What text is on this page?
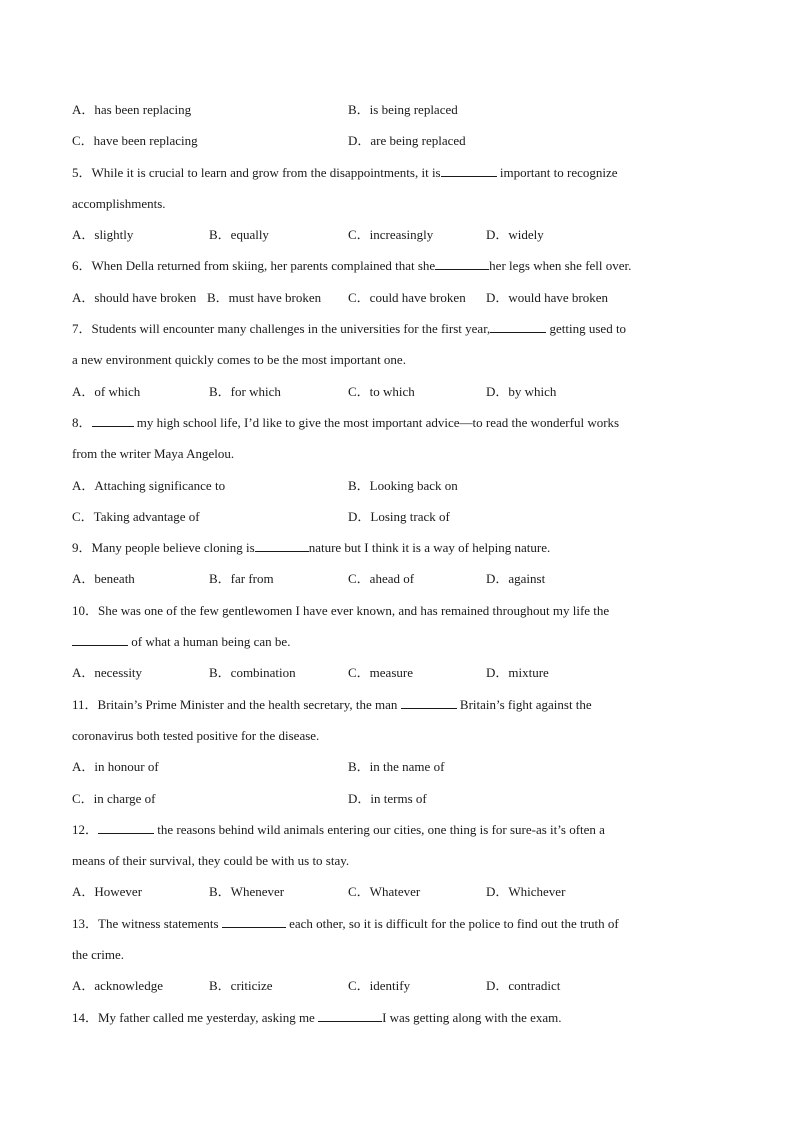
A．has been replacing	B．is being replaced
C．have been replacing	D．are being replaced
5．While it is crucial to learn and grow from the disappointments, it is	important to recognize
accomplishments.
A．slightly	B．equally	C．increasingly	D．widely
6．When Della returned from skiing, her parents complained that she	her legs when she fell over.
A．should have broken B．must have broken C．could have broken D．would have broken
7．Students will encounter many challenges in the universities for the first year,	getting used to
a new environment quickly comes to be the most important one.
A．of which	B．for which	C．to which	D．by which
8．	my high school life, I’d like to give the most important advice—to read the wonderful works
from the writer Maya Angelou.
A．Attaching significance to	B．Looking back on
C．Taking advantage of	D．Losing track of
9．Many people believe cloning is	nature but I think it is a way of helping nature.
A．beneath	B．far from	C．ahead of	D．against
10．She was one of the few gentlewomen I have ever known, and has remained throughout my life the
of what a human being can be.
A．necessity	B．combination	C．measure	D．mixture
11．Britain’s Prime Minister and the health secretary, the man	Britain’s fight against the
coronavirus both tested positive for the disease.
A．in honour of	B．in the name of
C．in charge of	D．in terms of
12．	the reasons behind wild animals entering our cities, one thing is for sure-as it’s often a
means of their survival, they could be with us to stay.
A．However	B．Whenever	C．Whatever	D．Whichever
13．The witness statements	each other, so it is difficult for the police to find out the truth of
the crime.
A．acknowledge	B．criticize	C．identify	D．contradict
14．My father called me yesterday, asking me	I was getting along with the exam.
